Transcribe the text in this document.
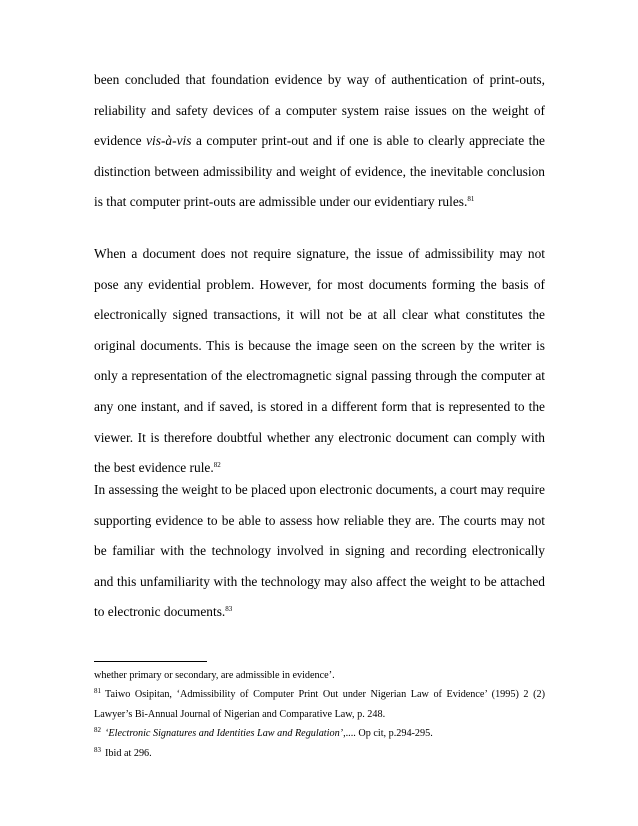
been concluded that foundation evidence by way of authentication of print-outs, reliability and safety devices of a computer system raise issues on the weight of evidence vis-à-vis a computer print-out and if one is able to clearly appreciate the distinction between admissibility and weight of evidence, the inevitable conclusion is that computer print-outs are admissible under our evidentiary rules.$^{81}$

When a document does not require signature, the issue of admissibility may not pose any evidential problem. However, for most documents forming the basis of electronically signed transactions, it will not be at all clear what constitutes the original documents. This is because the image seen on the screen by the writer is only a representation of the electromagnetic signal passing through the computer at any one instant, and if saved, is stored in a different form that is represented to the viewer. It is therefore doubtful whether any electronic document can comply with the best evidence rule.$^{82}$

In assessing the weight to be placed upon electronic documents, a court may require supporting evidence to be able to assess how reliable they are. The courts may not be familiar with the technology involved in signing and recording electronically and this unfamiliarity with the technology may also affect the weight to be attached to electronic documents.$^{83}$

whether primary or secondary, are admissible in evidence’.

$^{81}$ Taiwo Osipitan, ‘Admissibility of Computer Print Out under Nigerian Law of Evidence’ (1995) 2 (2) Lawyer’s Bi-Annual Journal of Nigerian and Comparative Law, p. 248.

$^{82}$ ‘Electronic Signatures and Identities Law and Regulation’,.... Op cit, p.294-295.

$^{83}$ Ibid at 296.
